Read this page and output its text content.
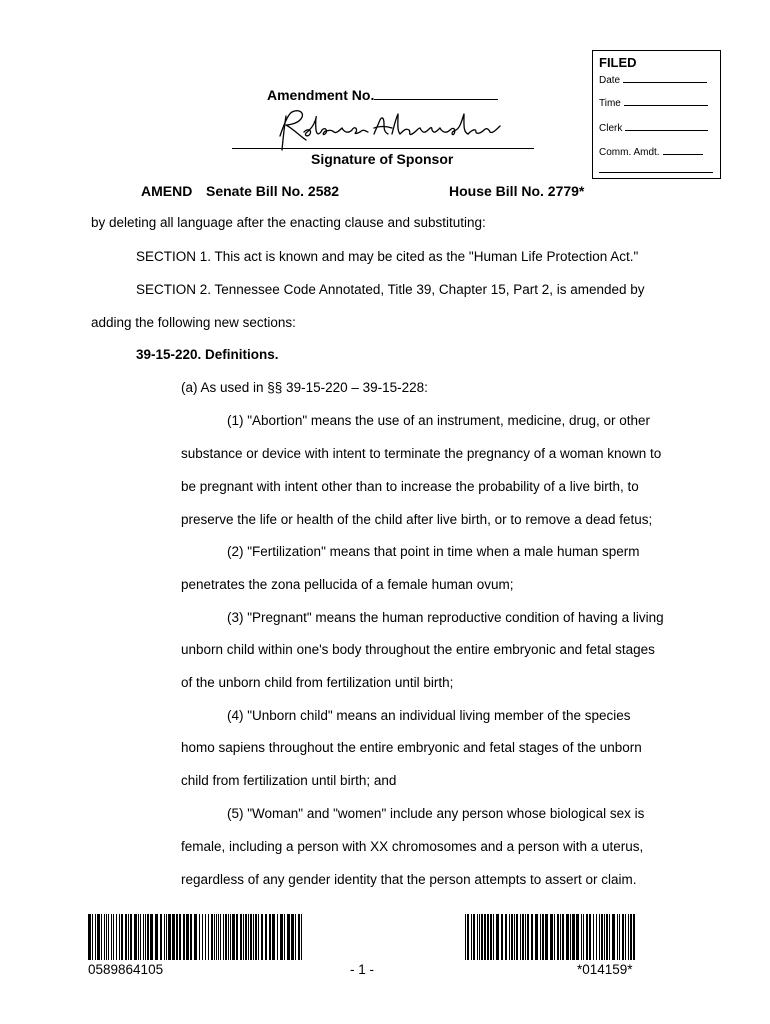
FILED
Date
Time
Clerk
Comm. Amdt.
Amendment No.
Signature of Sponsor
AMEND Senate Bill No. 2582	House Bill No. 2779*
by deleting all language after the enacting clause and substituting:
SECTION 1. This act is known and may be cited as the "Human Life Protection Act."
SECTION 2. Tennessee Code Annotated, Title 39, Chapter 15, Part 2, is amended by
adding the following new sections:
39-15-220. Definitions.
(a) As used in §§ 39-15-220 – 39-15-228:
(1) "Abortion" means the use of an instrument, medicine, drug, or other
substance or device with intent to terminate the pregnancy of a woman known to
be pregnant with intent other than to increase the probability of a live birth, to
preserve the life or health of the child after live birth, or to remove a dead fetus;
(2) "Fertilization" means that point in time when a male human sperm
penetrates the zona pellucida of a female human ovum;
(3) "Pregnant" means the human reproductive condition of having a living
unborn child within one's body throughout the entire embryonic and fetal stages
of the unborn child from fertilization until birth;
(4) "Unborn child" means an individual living member of the species
homo sapiens throughout the entire embryonic and fetal stages of the unborn
child from fertilization until birth; and
(5) "Woman" and "women" include any person whose biological sex is
female, including a person with XX chromosomes and a person with a uterus,
regardless of any gender identity that the person attempts to assert or claim.
0589864105	- 1 -	*014159*
